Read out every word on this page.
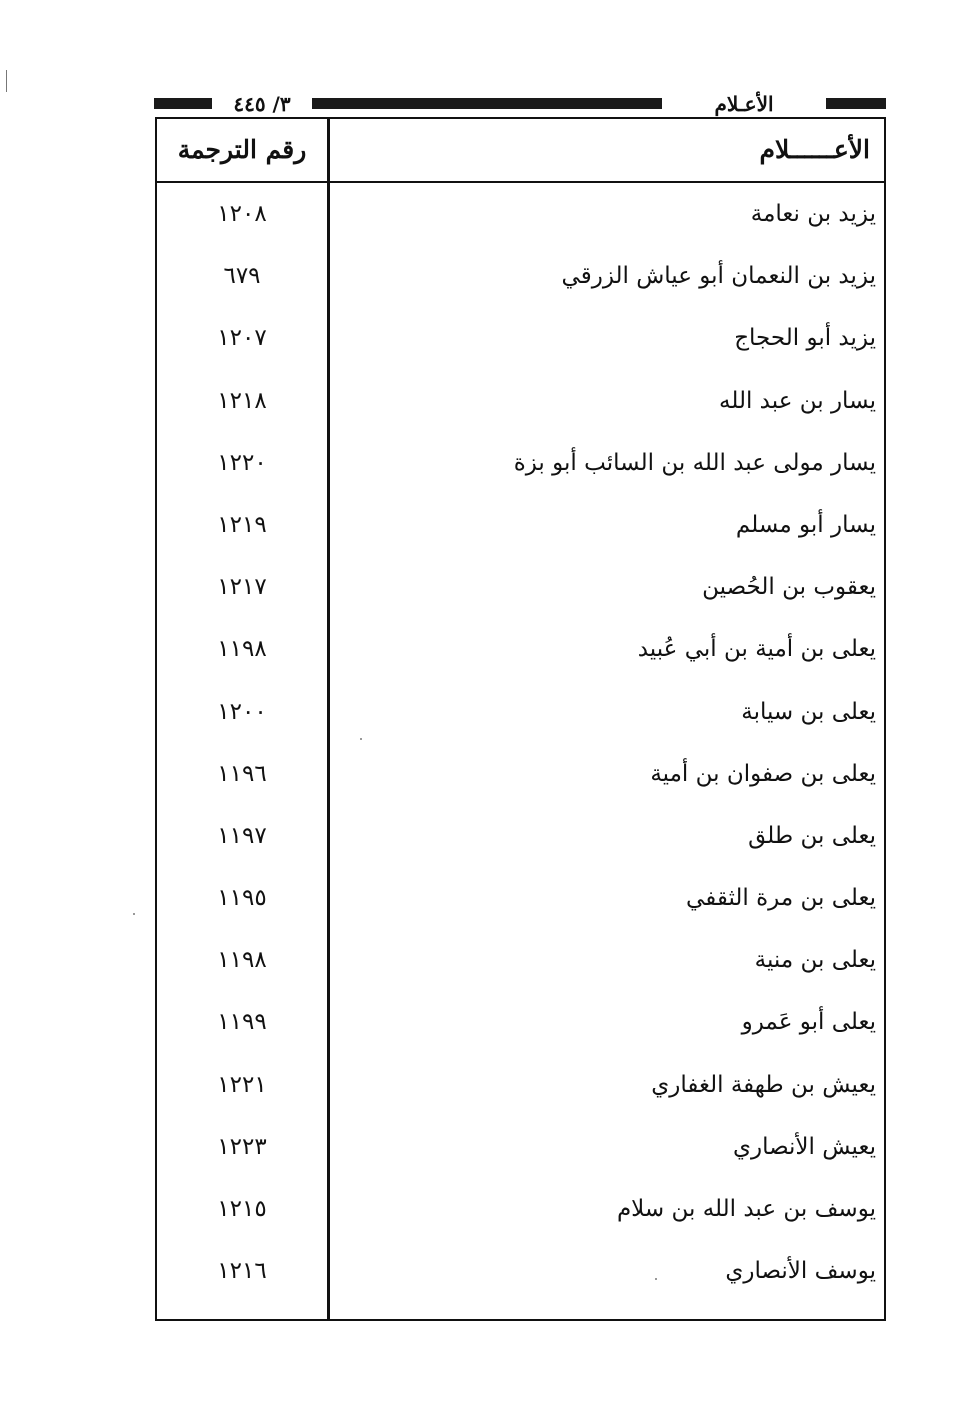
٣/ ٤٤٥	الأعـلام
الأعــــــلام
رقم الترجمة
يزيد بن نعامة
١٢٠٨
يزيد بن النعمان أبو عياش الزرقي
٦٧٩
يزيد أبو الحجاج
١٢٠٧
يسار بن عبد الله
١٢١٨
يسار مولى عبد الله بن السائب أبو بزة
١٢٢٠
يسار أبو مسلم
١٢١٩
يعقوب بن الحُصين
١٢١٧
يعلى بن أمية بن أبي عُبيد
١١٩٨
يعلى بن سيابة
١٢٠٠
يعلى بن صفوان بن أمية
١١٩٦
يعلى بن طلق
١١٩٧
يعلى بن مرة الثقفي
١١٩٥
يعلى بن منية
١١٩٨
يعلى أبو عَمرو
١١٩٩
يعيش بن طهفة الغفاري
١٢٢١
يعيش الأنصاري
١٢٢٣
يوسف بن عبد الله بن سلام
١٢١٥
يوسف الأنصاري
١٢١٦
